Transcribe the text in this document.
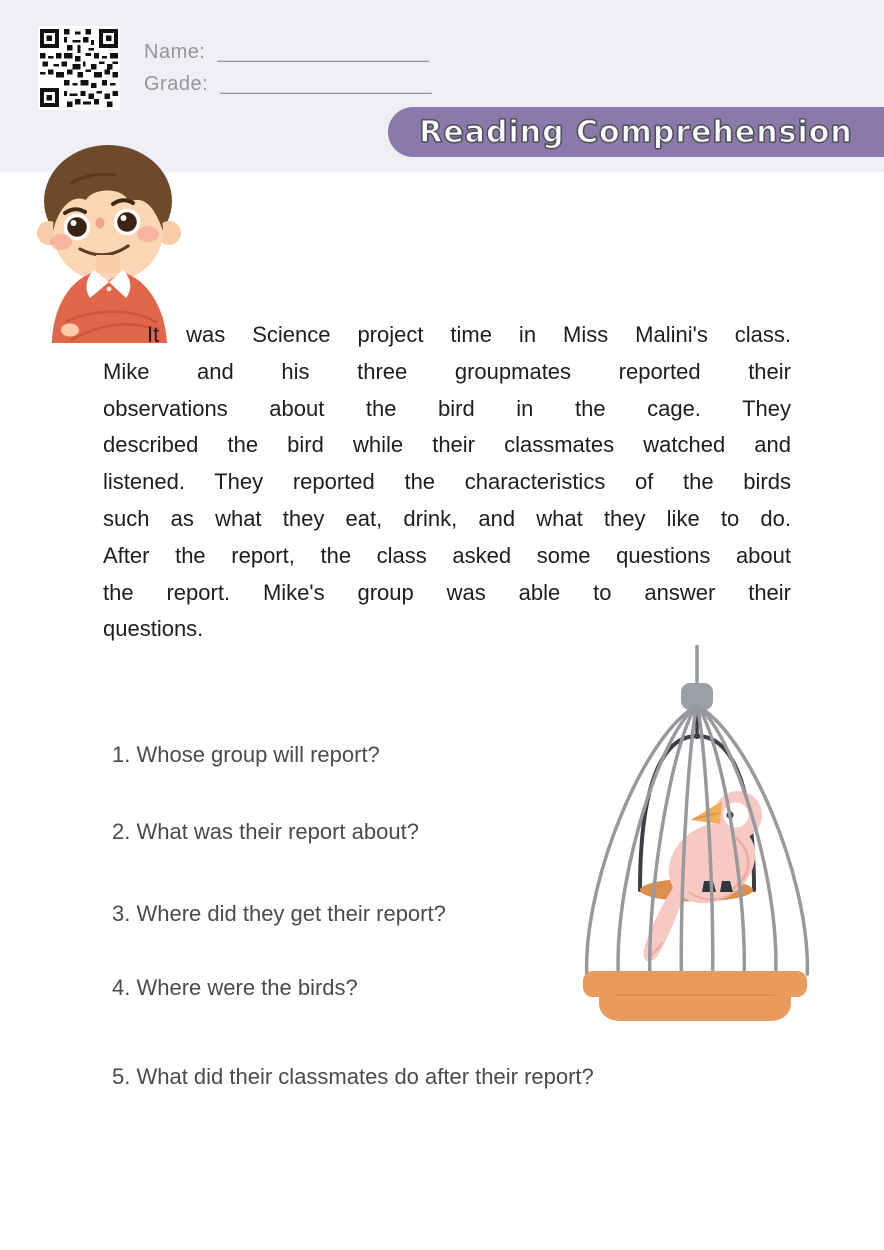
Name: ___________________
Grade: ___________________
Reading Comprehension
It was Science project time in Miss Malini's class.
Mike and his three groupmates reported their
observations about the bird in the cage. They
described the bird while their classmates watched and
listened. They reported the characteristics of the birds
such as what they eat, drink, and what they like to do.
After the report, the class asked some questions about
the report. Mike's group was able to answer their
questions.
1. Whose group will report?
2. What was their report about?
3. Where did they get their report?
4. Where were the birds?
5. What did their classmates do after their report?
